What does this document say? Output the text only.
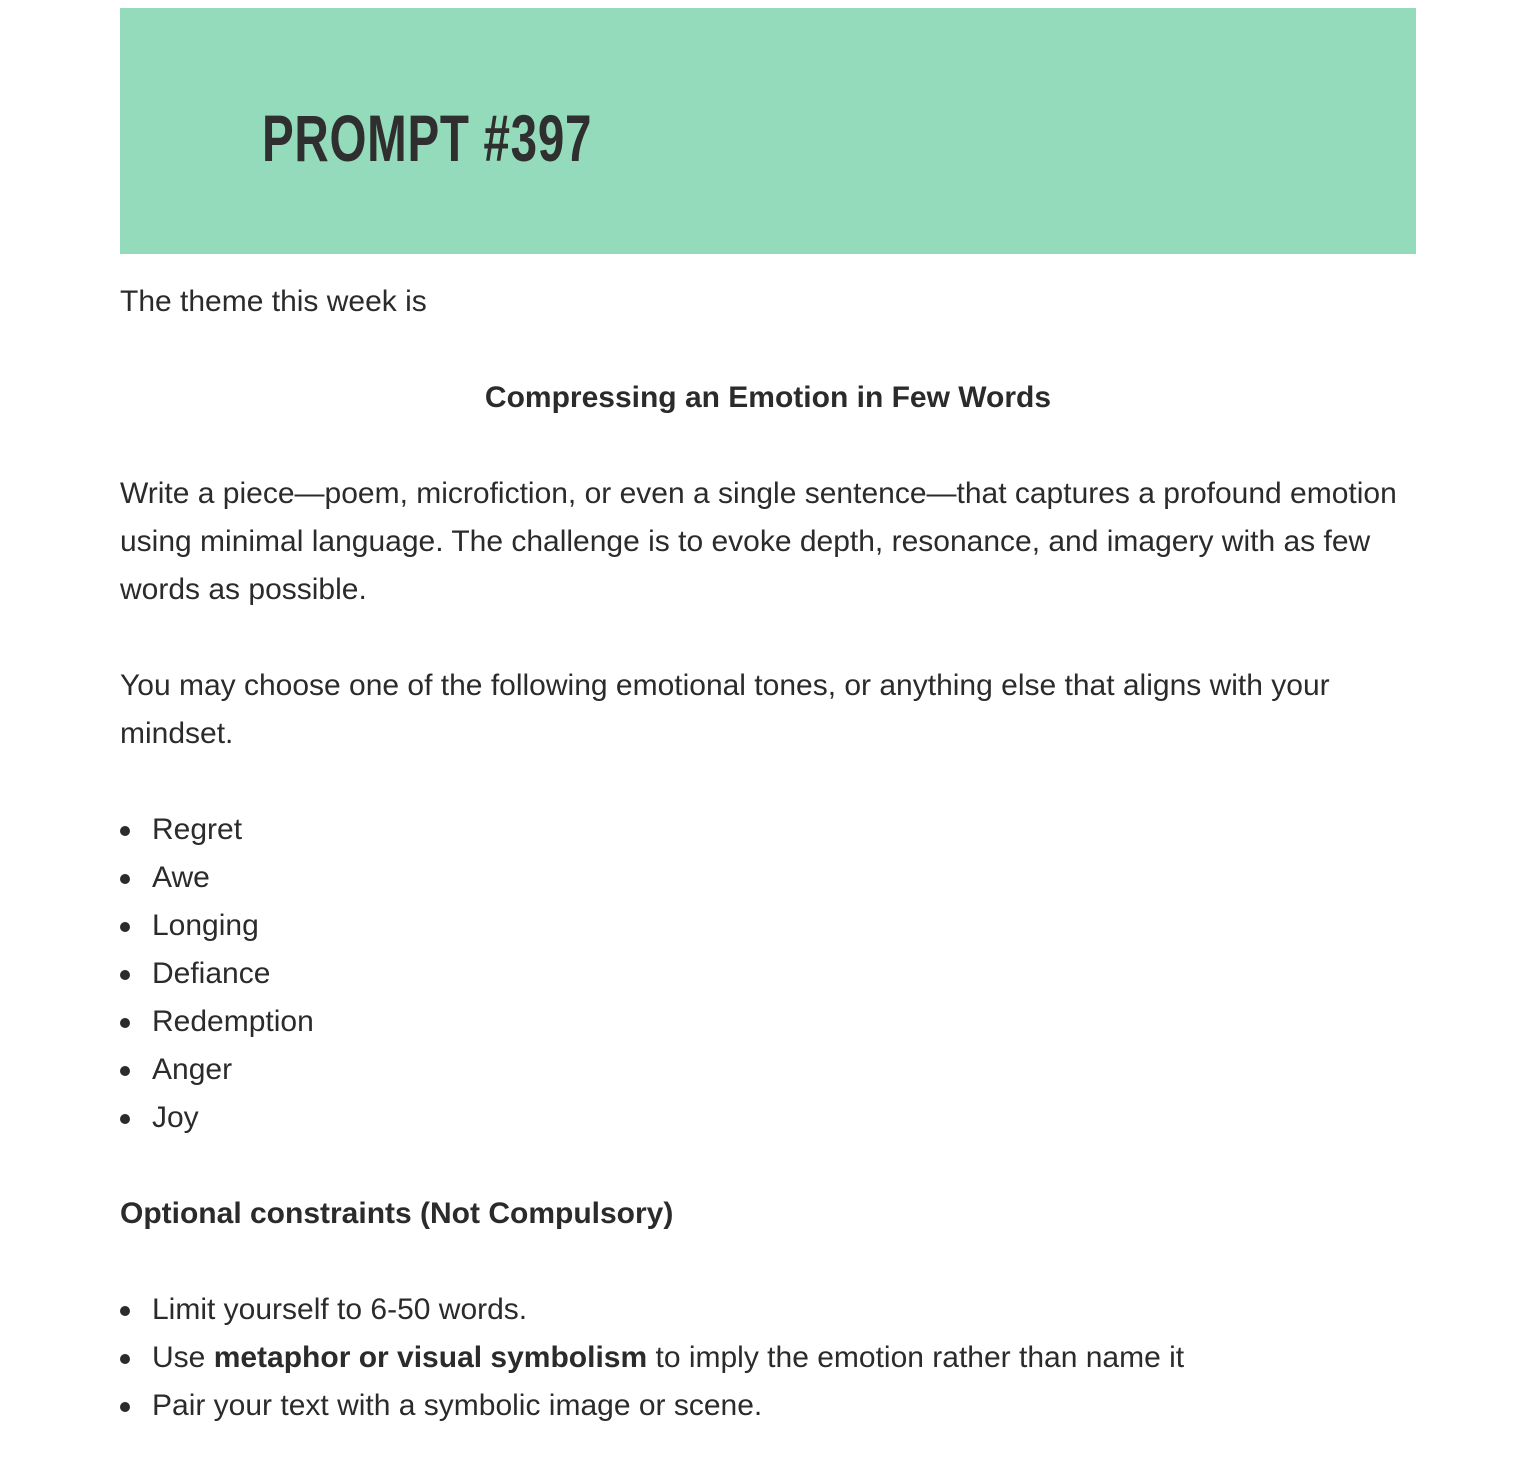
PROMPT #397

The theme this week is

Compressing an Emotion in Few Words

Write a piece—poem, microfiction, or even a single sentence—that captures a profound emotion using minimal language. The challenge is to evoke depth, resonance, and imagery with as few words as possible.

You may choose one of the following emotional tones, or anything else that aligns with your mindset.

Regret
Awe
Longing
Defiance
Redemption
Anger
Joy

Optional constraints (Not Compulsory)

Limit yourself to 6-50 words.
Use metaphor or visual symbolism to imply the emotion rather than name it
Pair your text with a symbolic image or scene.
